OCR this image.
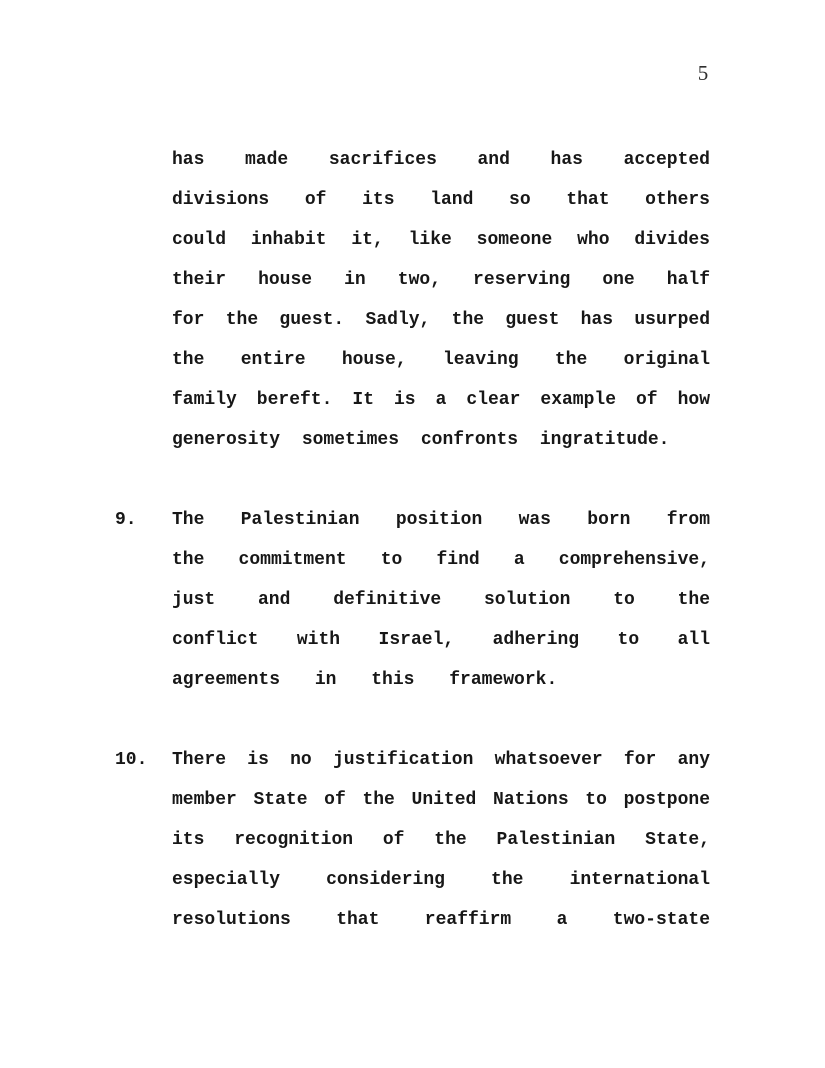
5
has made sacrifices and has accepted
divisions of its land so that others
could inhabit it, like someone who divides
their house in two, reserving one half
for the guest. Sadly, the guest has usurped
the entire house, leaving the original
family bereft. It is a clear example of how
generosity sometimes confronts ingratitude.
9. The Palestinian position was born from
the commitment to find a comprehensive,
just and definitive solution to the
conflict with Israel, adhering to all
agreements in this framework.
10. There is no justification whatsoever for any
member State of the United Nations to postpone
its recognition of the Palestinian State,
especially considering the international
resolutions that reaffirm a two-state
